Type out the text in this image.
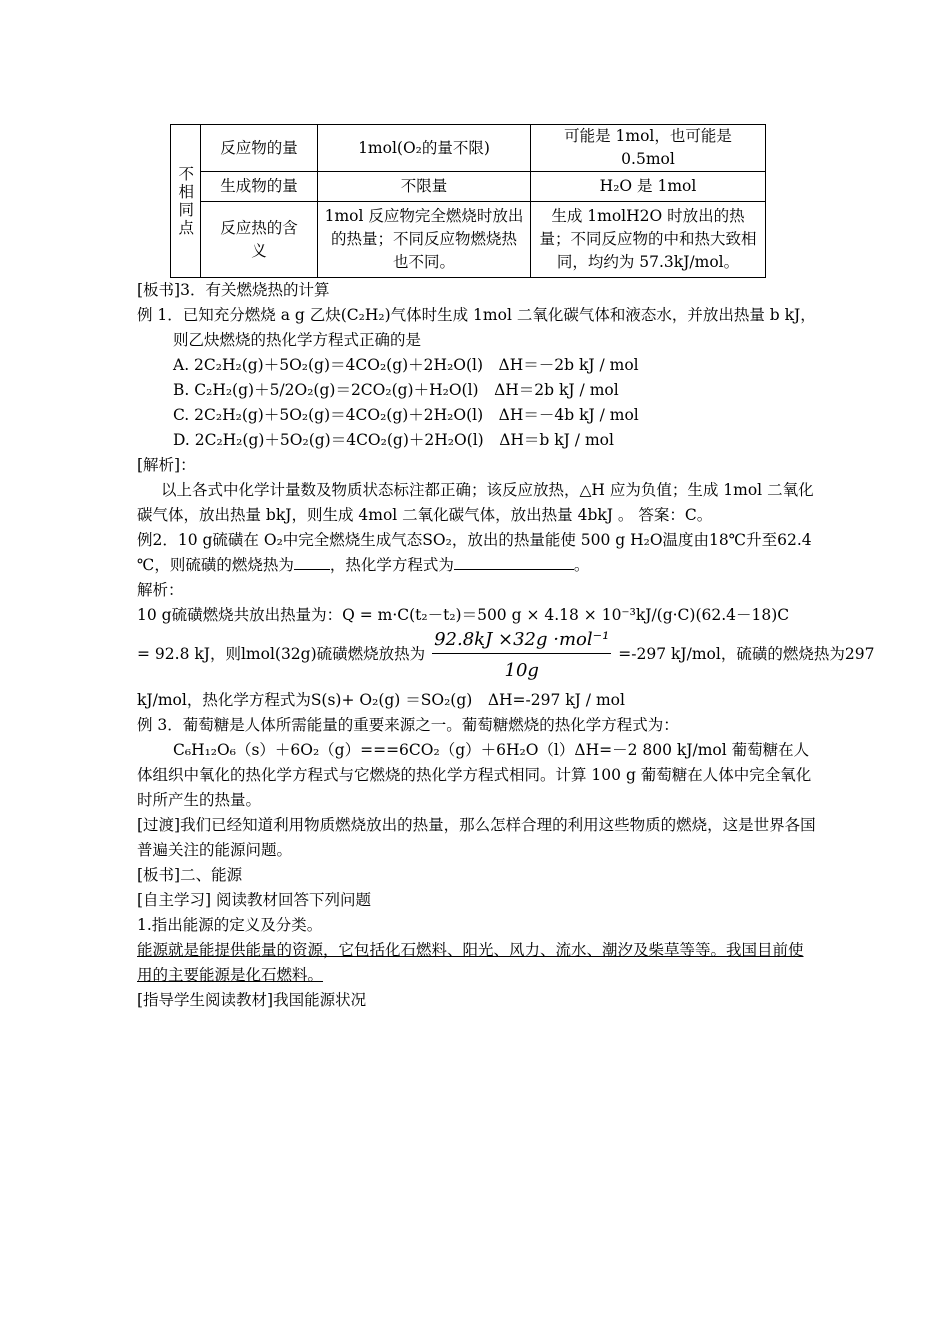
不相同点	反应物的量	1mol(O₂的量不限)	可能是 1mol，也可能是 0.5mol
	生成物的量	不限量	H₂O 是 1mol
	反应热的含义	1mol 反应物完全燃烧时放出的热量；不同反应物燃烧热也不同。	生成 1molH2O 时放出的热量；不同反应物的中和热大致相同，均约为 57.3kJ/mol。
[板书]3．有关燃烧热的计算
例 1．已知充分燃烧 a g 乙炔(C₂H₂)气体时生成 1mol 二氧化碳气体和液态水，并放出热量 b kJ，
则乙炔燃烧的热化学方程式正确的是
A. 2C₂H₂(g)＋5O₂(g)＝4CO₂(g)＋2H₂O(l)　ΔH＝－2b kJ / mol
B. C₂H₂(g)＋5/2O₂(g)＝2CO₂(g)＋H₂O(l)　ΔH＝2b kJ / mol
C. 2C₂H₂(g)＋5O₂(g)＝4CO₂(g)＋2H₂O(l)　ΔH＝－4b kJ / mol
D. 2C₂H₂(g)＋5O₂(g)＝4CO₂(g)＋2H₂O(l)　ΔH＝b kJ / mol
[解析]：
以上各式中化学计量数及物质状态标注都正确；该反应放热，△H 应为负值；生成 1mol 二氧化碳气体，放出热量 bkJ，则生成 4mol 二氧化碳气体，放出热量 4bkJ 。 答案：C。
例2．10 g硫磺在 O₂中完全燃烧生成气态SO₂，放出的热量能使 500 g H₂O温度由18℃升至62.4
℃，则硫磺的燃烧热为 ，热化学方程式为	。
解析：
10 g硫磺燃烧共放出热量为：Q = m·C(t₂－t₂)＝500 g × 4.18 × 10⁻³kJ/(g·C)(62.4－18)C
= 92.8 kJ，则lmol(32g)硫磺燃烧放热为 $\frac{\text{92.8kJ ×32g ·mol⁻¹}}{10g} =-297$ kJ/mol，硫磺的燃烧热为297
kJ/mol，热化学方程式为S(s)+ O₂(g) ＝SO₂(g)　ΔH=-297 kJ / mol
例 3．葡萄糖是人体所需能量的重要来源之一。葡萄糖燃烧的热化学方程式为：
C₆H₁₂O₆（s）＋6O₂（g）===6CO₂（g）＋6H₂O（l）ΔH=－2 800 kJ/mol 葡萄糖在人体组织中氧化的热化学方程式与它燃烧的热化学方程式相同。计算 100 g 葡萄糖在人体中完全氧化时所产生的热量。
[过渡]我们已经知道利用物质燃烧放出的热量，那么怎样合理的利用这些物质的燃烧，这是世界各国普遍关注的能源问题。
[板书]二、能源
[自主学习] 阅读教材回答下列问题
1.指出能源的定义及分类。
能源就是能提供能量的资源，它包括化石燃料、阳光、风力、流水、潮汐及柴草等等。我国目前使用的主要能源是化石燃料。
[指导学生阅读教材]我国能源状况
